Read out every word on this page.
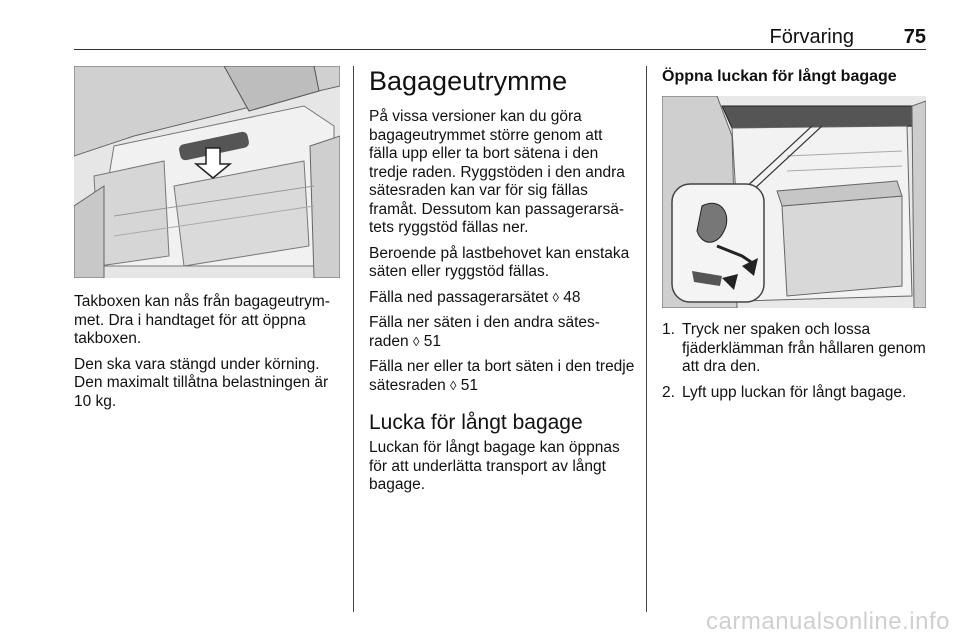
Förvaring 75

Takboxen kan nås från bagageutrym-met. Dra i handtaget för att öppna takboxen.

Den ska vara stängd under körning. Den maximalt tillåtna belastningen är 10 kg.

Bagageutrymme

På vissa versioner kan du göra bagageutrymmet större genom att fälla upp eller ta bort sätena i den tredje raden. Ryggstöden i den andra sätesraden kan var för sig fällas framåt. Dessutom kan passagerarsä-tets ryggstöd fällas ner.

Beroende på lastbehovet kan enstaka säten eller ryggstöd fällas.

Fälla ned passagerarsätet ◊ 48

Fälla ner säten i den andra sätes-raden ◊ 51

Fälla ner eller ta bort säten i den tredje sätesraden ◊ 51

Lucka för långt bagage

Luckan för långt bagage kan öppnas för att underlätta transport av långt bagage.

Öppna luckan för långt bagage
1. Tryck ner spaken och lossa fjäderklämman från hållaren genom att dra den.
2. Lyft upp luckan för långt bagage.
carmanualsonline.info
